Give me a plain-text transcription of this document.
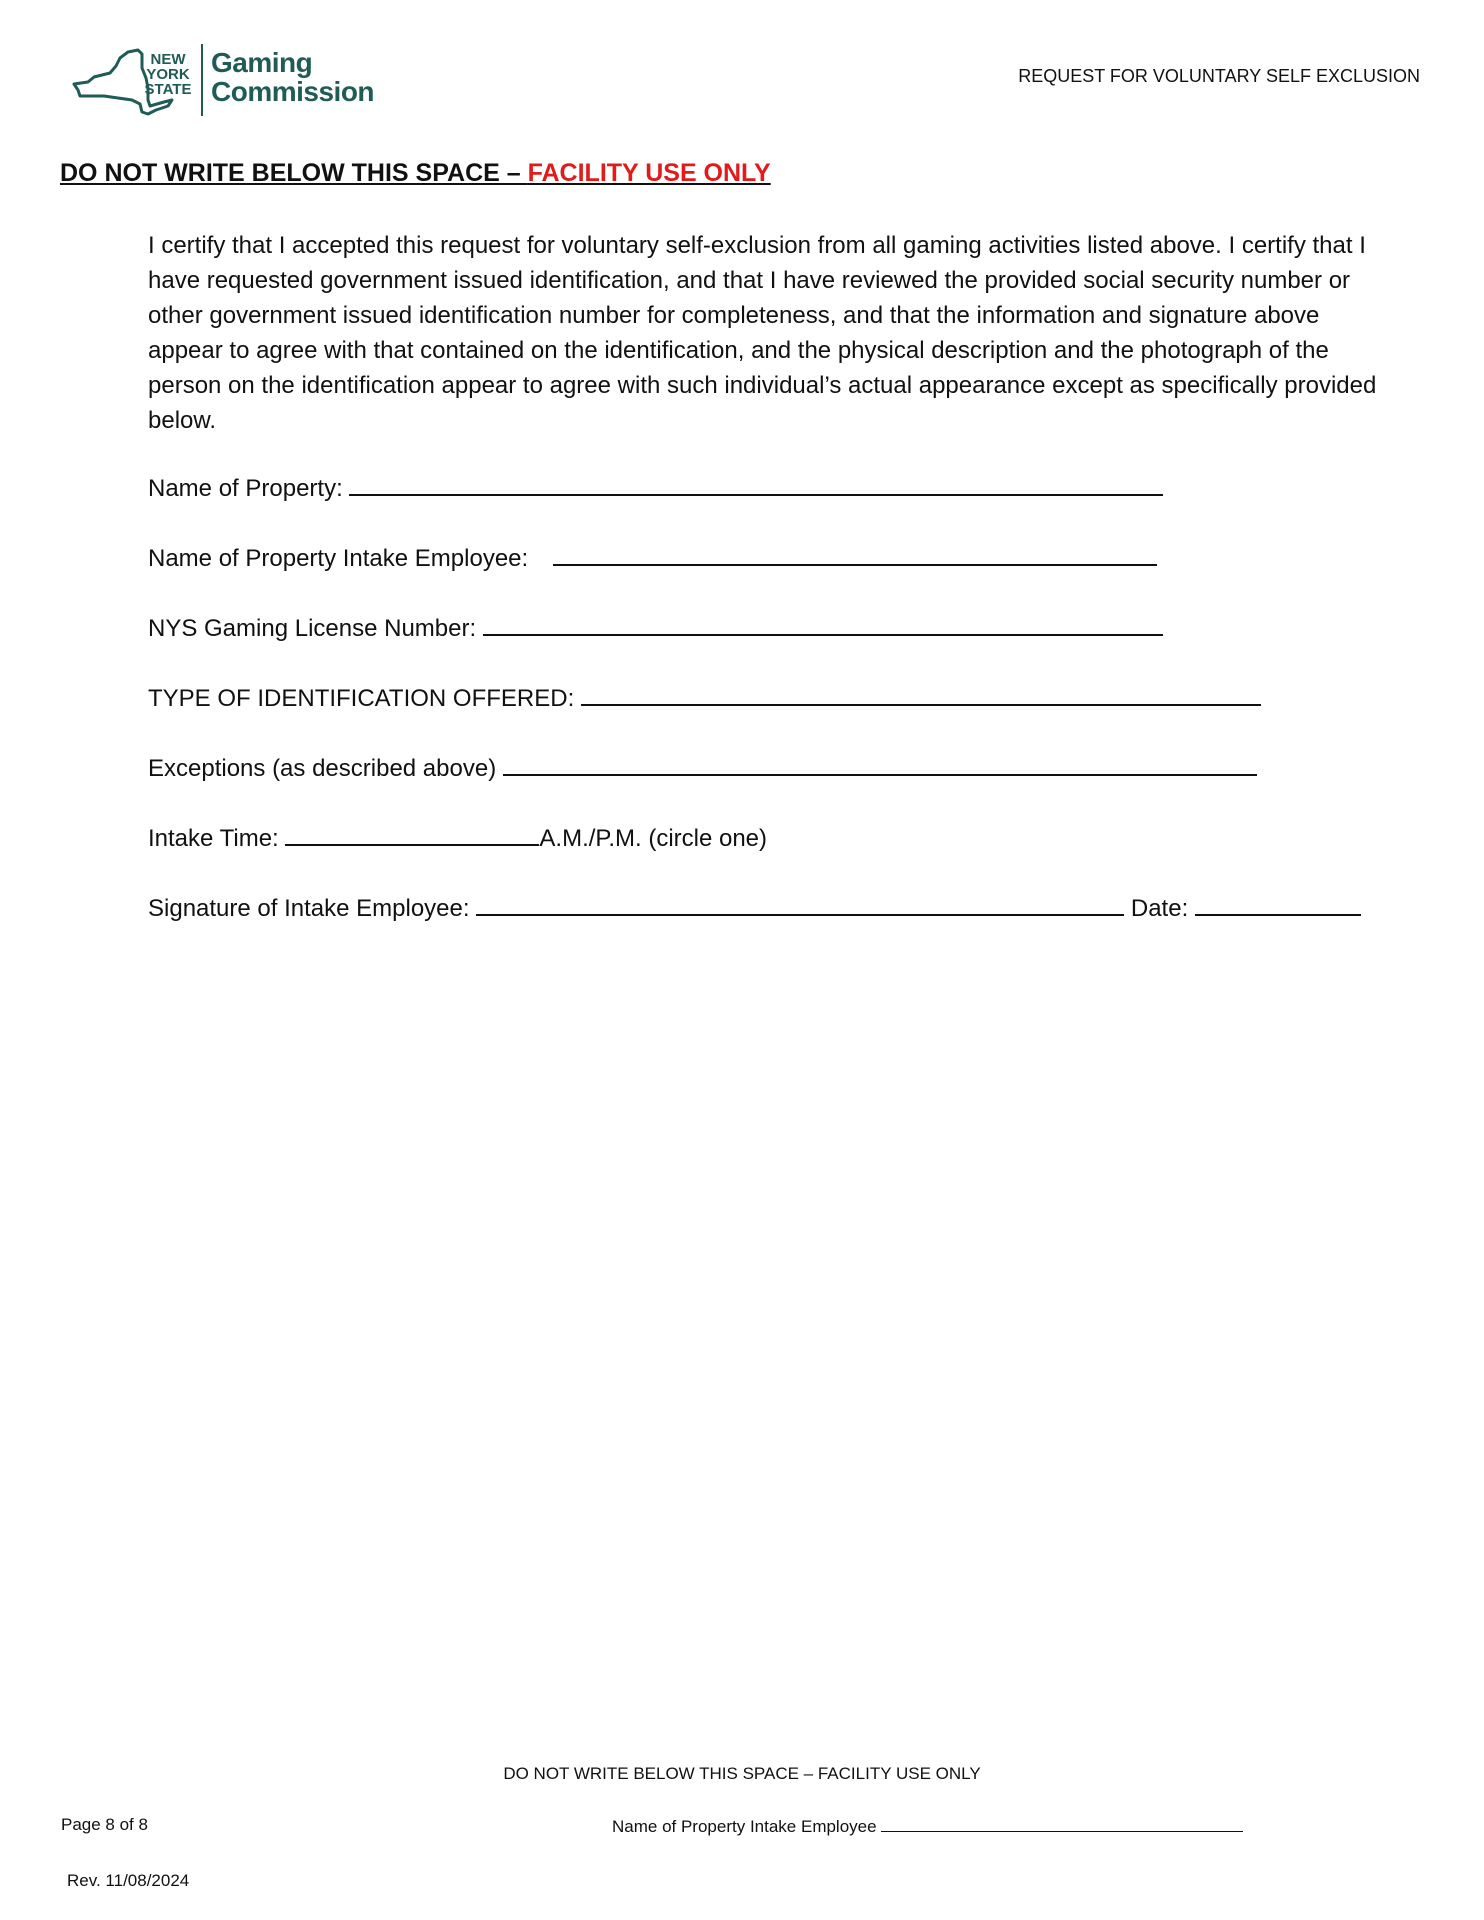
NEW
YORK
STATE
Gaming
Commission	REQUEST FOR VOLUNTARY SELF EXCLUSION
DO NOT WRITE BELOW THIS SPACE – FACILITY USE ONLY

I certify that I accepted this request for voluntary self-exclusion from all gaming activities listed above. I certify that I have requested government issued identification, and that I have reviewed the provided social security number or other government issued identification number for completeness, and that the information and signature above appear to agree with that contained on the identification, and the physical description and the photograph of the person on the identification appear to agree with such individual’s actual appearance except as specifically provided below.

Name of Property:
Name of Property Intake Employee:
NYS Gaming License Number:
TYPE OF IDENTIFICATION OFFERED:
Exceptions (as described above)
Intake Time:	A.M./P.M. (circle one)
Signature of Intake Employee:	Date:
DO NOT WRITE BELOW THIS SPACE – FACILITY USE ONLY
Page 8 of 8	Name of Property Intake Employee
Rev. 11/08/2024
